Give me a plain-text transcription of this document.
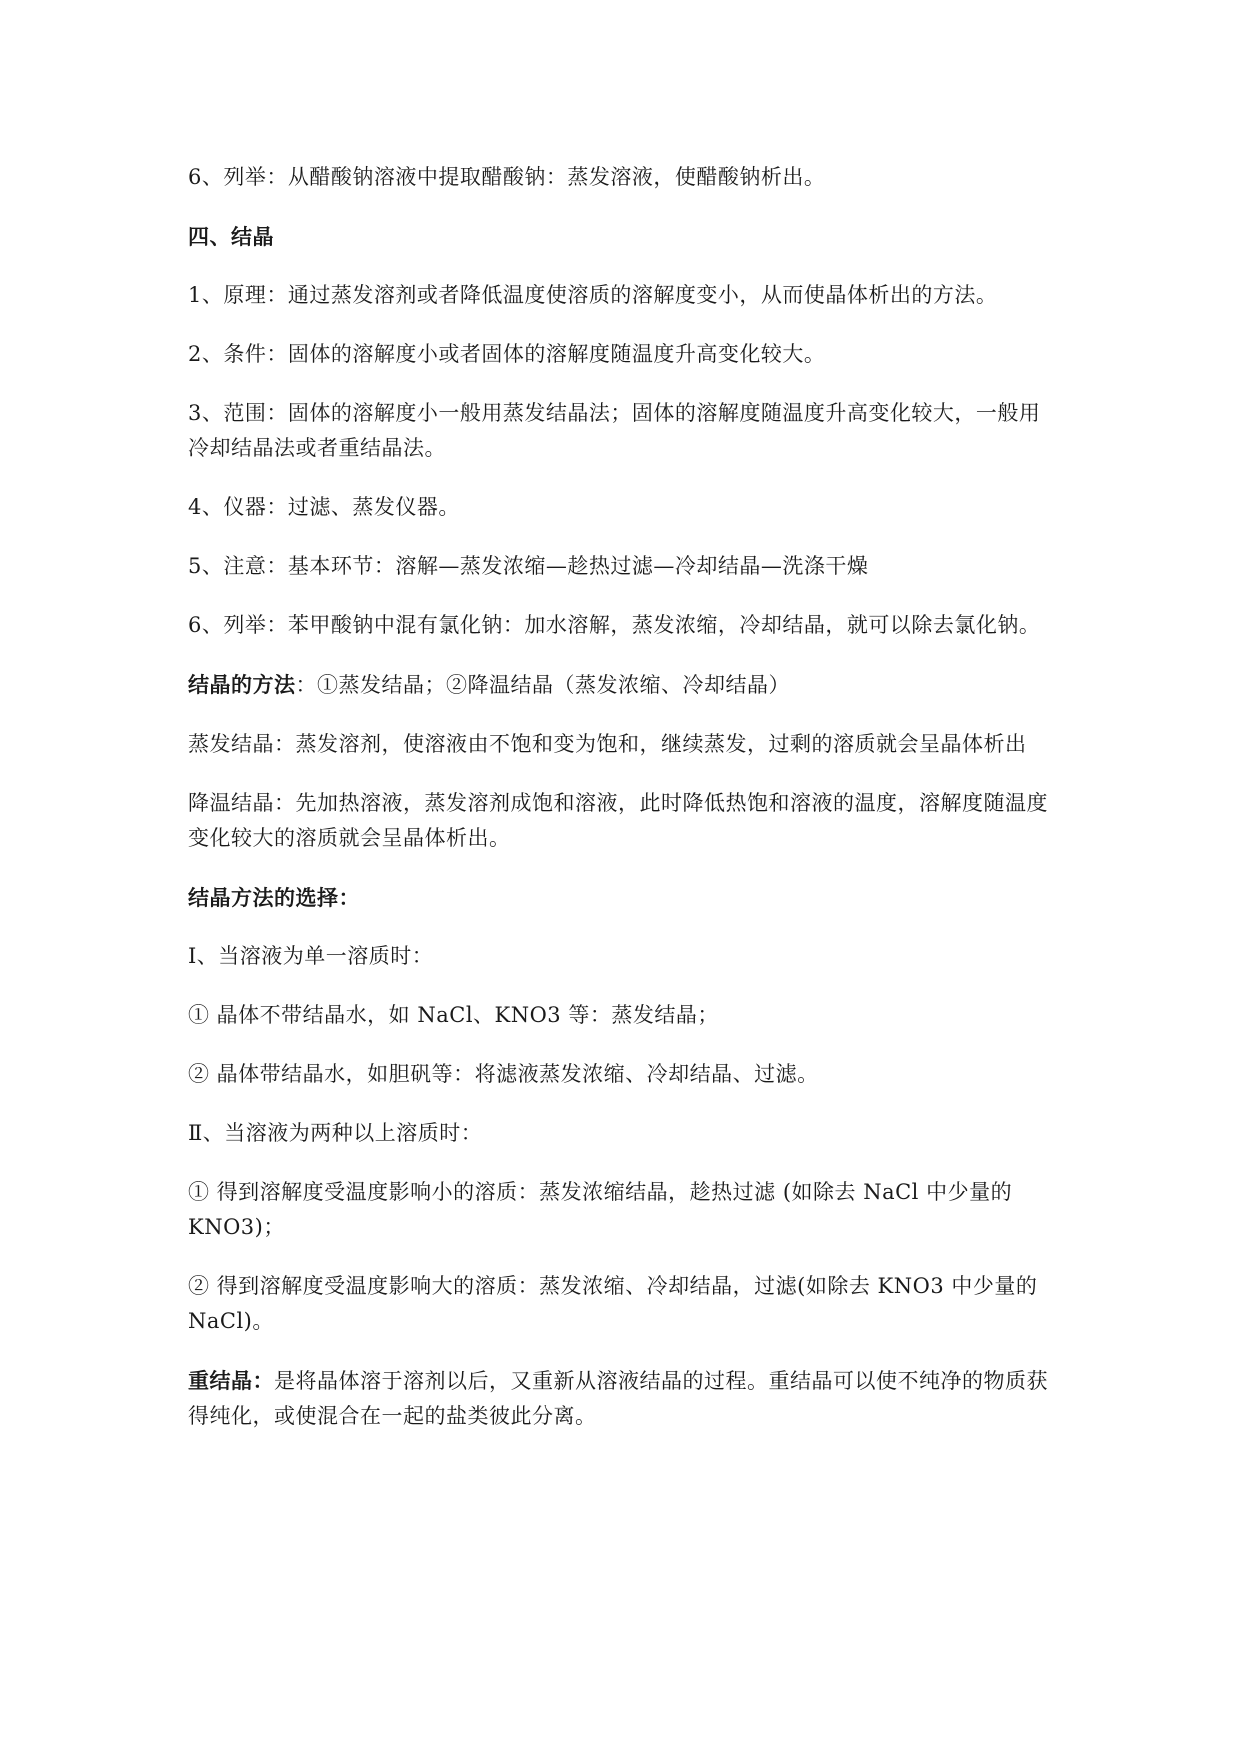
6、列举：从醋酸钠溶液中提取醋酸钠：蒸发溶液，使醋酸钠析出。

四、结晶

1、原理：通过蒸发溶剂或者降低温度使溶质的溶解度变小，从而使晶体析出的方法。

2、条件：固体的溶解度小或者固体的溶解度随温度升高变化较大。

3、范围：固体的溶解度小一般用蒸发结晶法；固体的溶解度随温度升高变化较大，一般用冷却结晶法或者重结晶法。

4、仪器：过滤、蒸发仪器。

5、注意：基本环节：溶解—蒸发浓缩—趁热过滤—冷却结晶—洗涤干燥

6、列举：苯甲酸钠中混有氯化钠：加水溶解，蒸发浓缩，冷却结晶，就可以除去氯化钠。

结晶的方法：①蒸发结晶；②降温结晶（蒸发浓缩、冷却结晶）

蒸发结晶：蒸发溶剂，使溶液由不饱和变为饱和，继续蒸发，过剩的溶质就会呈晶体析出

降温结晶：先加热溶液，蒸发溶剂成饱和溶液，此时降低热饱和溶液的温度，溶解度随温度变化较大的溶质就会呈晶体析出。

结晶方法的选择：

Ⅰ、当溶液为单一溶质时：

① 晶体不带结晶水，如 NaCl、KNO3 等：蒸发结晶；

② 晶体带结晶水，如胆矾等：将滤液蒸发浓缩、冷却结晶、过滤。

Ⅱ、当溶液为两种以上溶质时：

① 得到溶解度受温度影响小的溶质：蒸发浓缩结晶，趁热过滤 (如除去 NaCl 中少量的 KNO3)；

② 得到溶解度受温度影响大的溶质：蒸发浓缩、冷却结晶，过滤(如除去 KNO3 中少量的 NaCl)。

重结晶：是将晶体溶于溶剂以后，又重新从溶液结晶的过程。重结晶可以使不纯净的物质获得纯化，或使混合在一起的盐类彼此分离。
